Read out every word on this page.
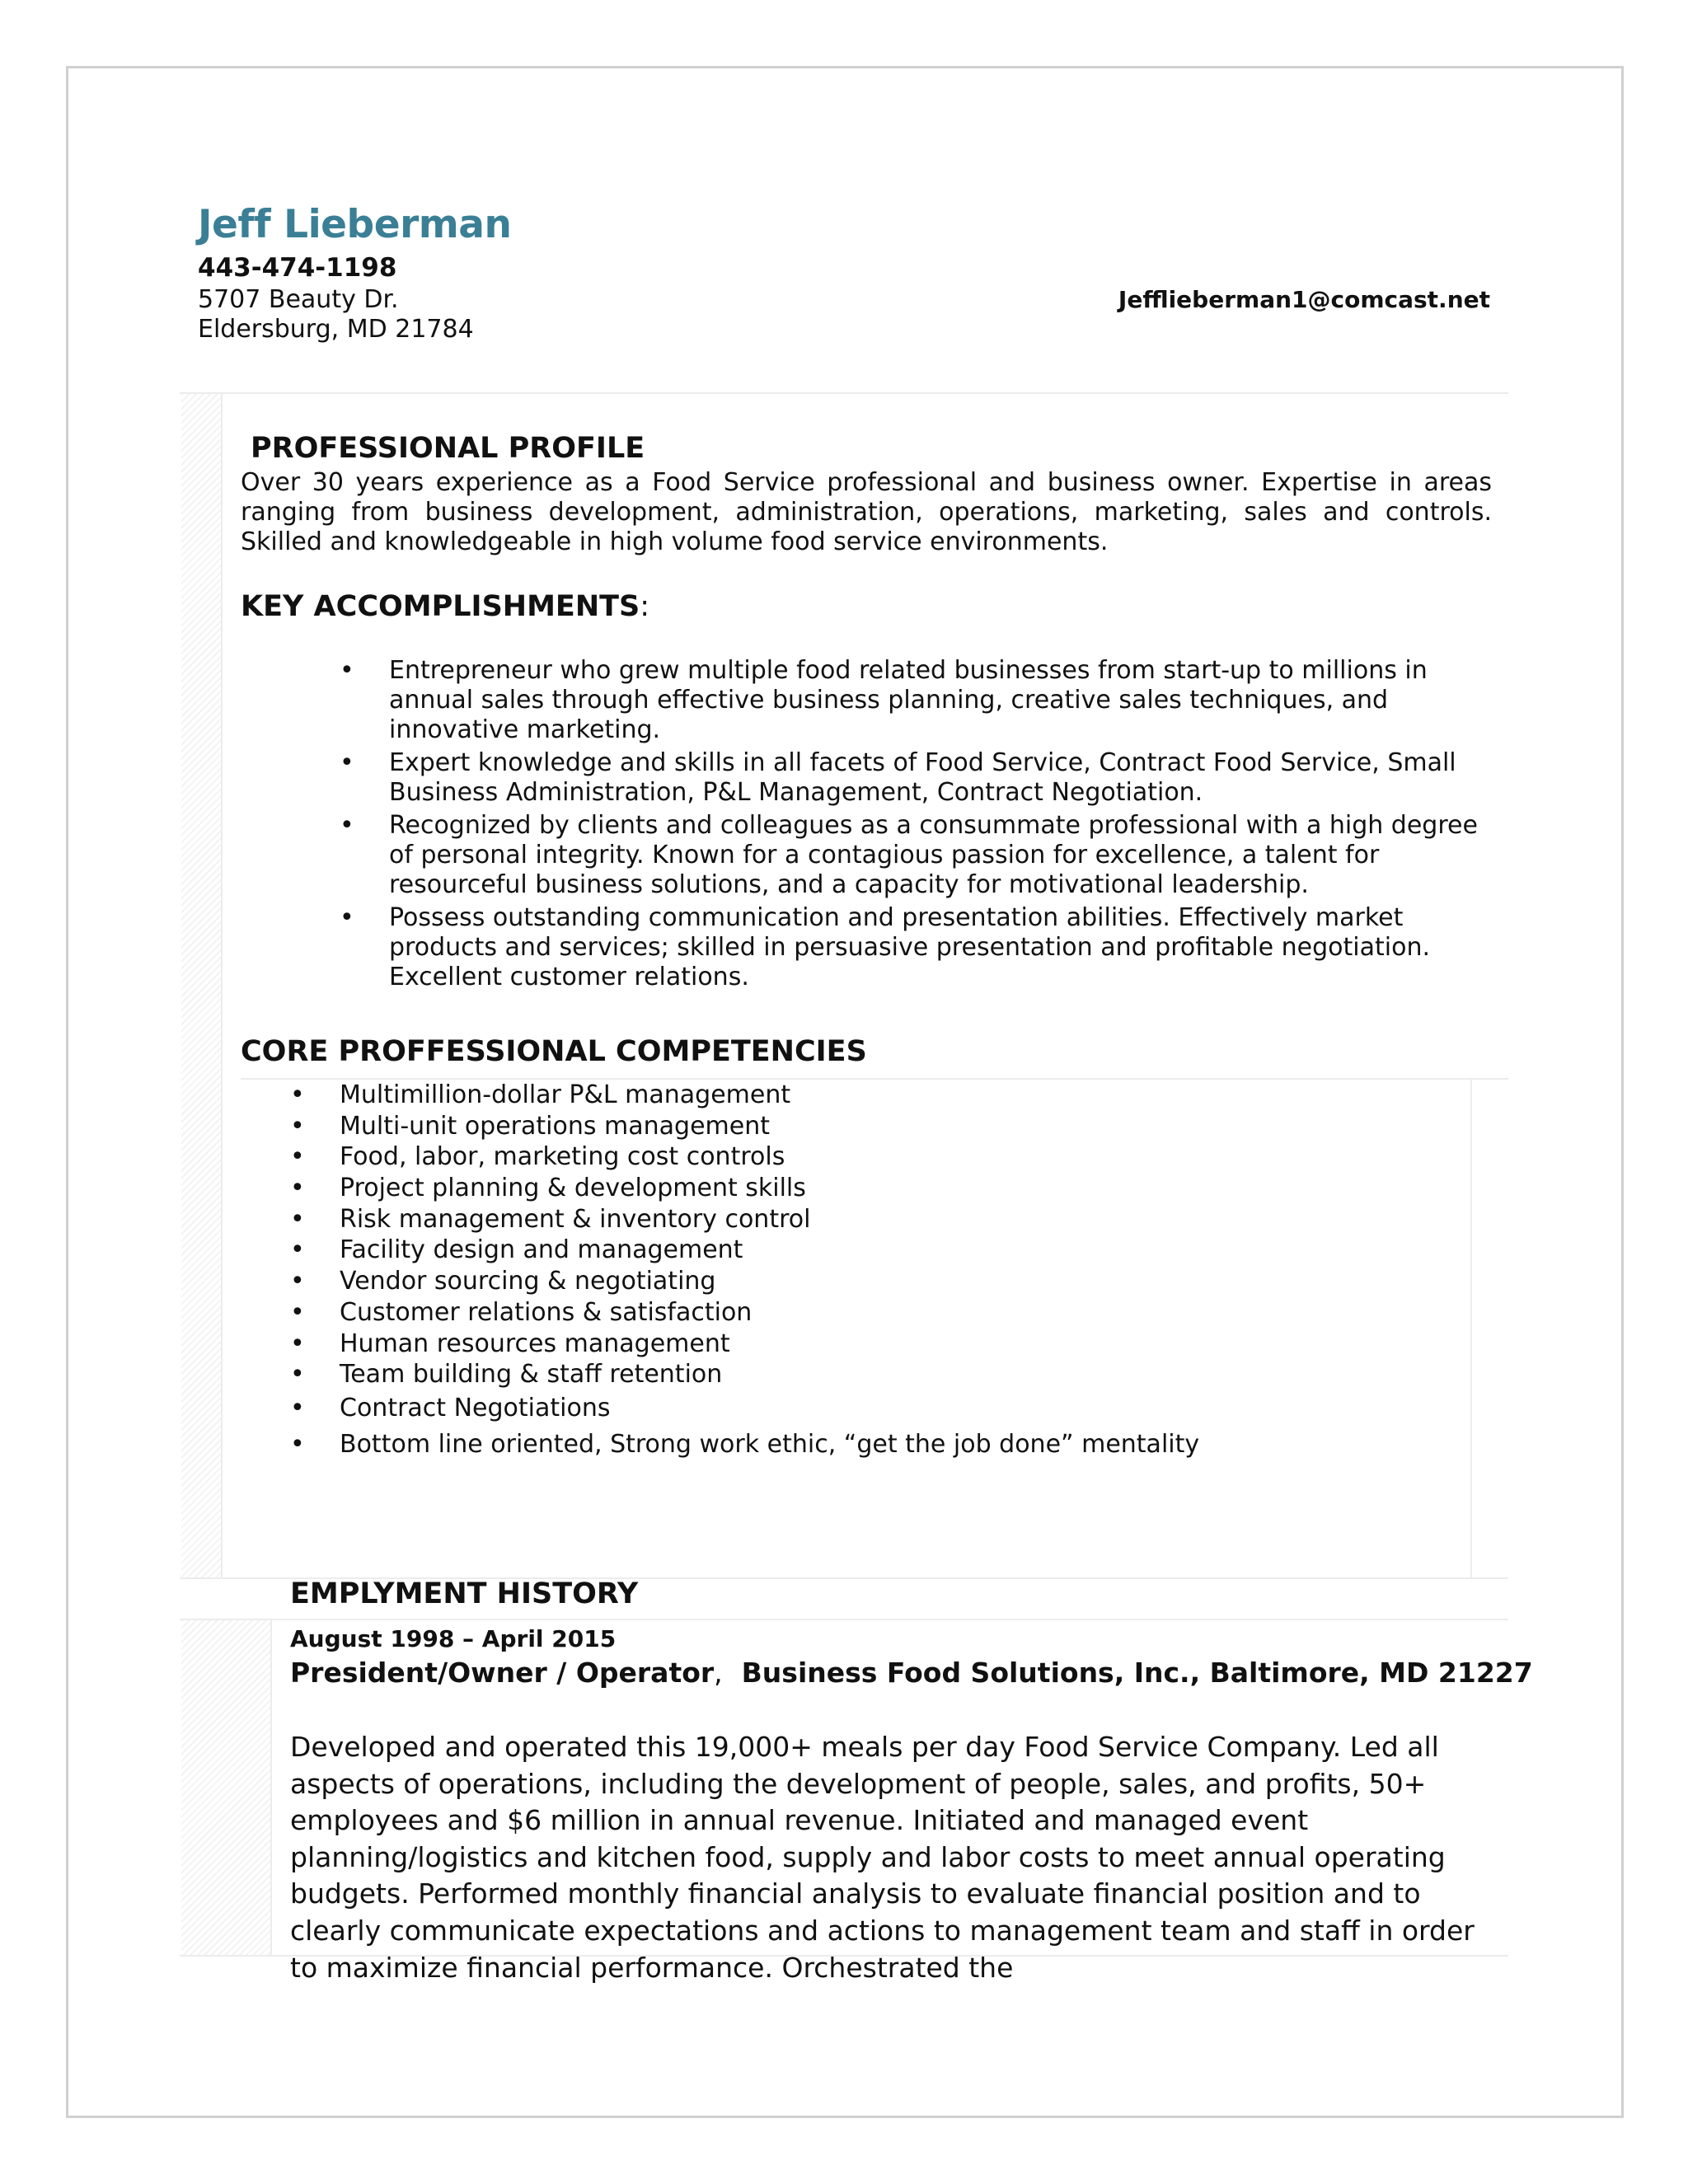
Jeff Lieberman
443-474-1198
5707 Beauty Dr.
Eldersburg, MD 21784
Jefflieberman1@comcast.net
PROFESSIONAL PROFILE
Over 30 years experience as a Food Service professional and business owner. Expertise in areas ranging from business development, administration, operations, marketing, sales and controls. Skilled and knowledgeable in high volume food service environments.
KEY ACCOMPLISHMENTS:
• Entrepreneur who grew multiple food related businesses from start-up to millions in annual sales through effective business planning, creative sales techniques, and innovative marketing.
• Expert knowledge and skills in all facets of Food Service, Contract Food Service, Small Business Administration, P&L Management, Contract Negotiation.
• Recognized by clients and colleagues as a consummate professional with a high degree of personal integrity. Known for a contagious passion for excellence, a talent for resourceful business solutions, and a capacity for motivational leadership.
• Possess outstanding communication and presentation abilities. Effectively market products and services; skilled in persuasive presentation and profitable negotiation. Excellent customer relations.
CORE PROFFESSIONAL COMPETENCIES
• Multimillion-dollar P&L management
• Multi-unit operations management
• Food, labor, marketing cost controls
• Project planning & development skills
• Risk management & inventory control
• Facility design and management
• Vendor sourcing & negotiating
• Customer relations & satisfaction
• Human resources management
• Team building & staff retention
• Contract Negotiations
• Bottom line oriented, Strong work ethic, “get the job done” mentality
EMPLYMENT HISTORY
August 1998 – April 2015
President/Owner / Operator, Business Food Solutions, Inc., Baltimore, MD 21227
Developed and operated this 19,000+ meals per day Food Service Company. Led all aspects of operations, including the development of people, sales, and profits, 50+ employees and $6 million in annual revenue. Initiated and managed event planning/logistics and kitchen food, supply and labor costs to meet annual operating budgets. Performed monthly financial analysis to evaluate financial position and to clearly communicate expectations and actions to management team and staff in order to maximize financial performance. Orchestrated the
